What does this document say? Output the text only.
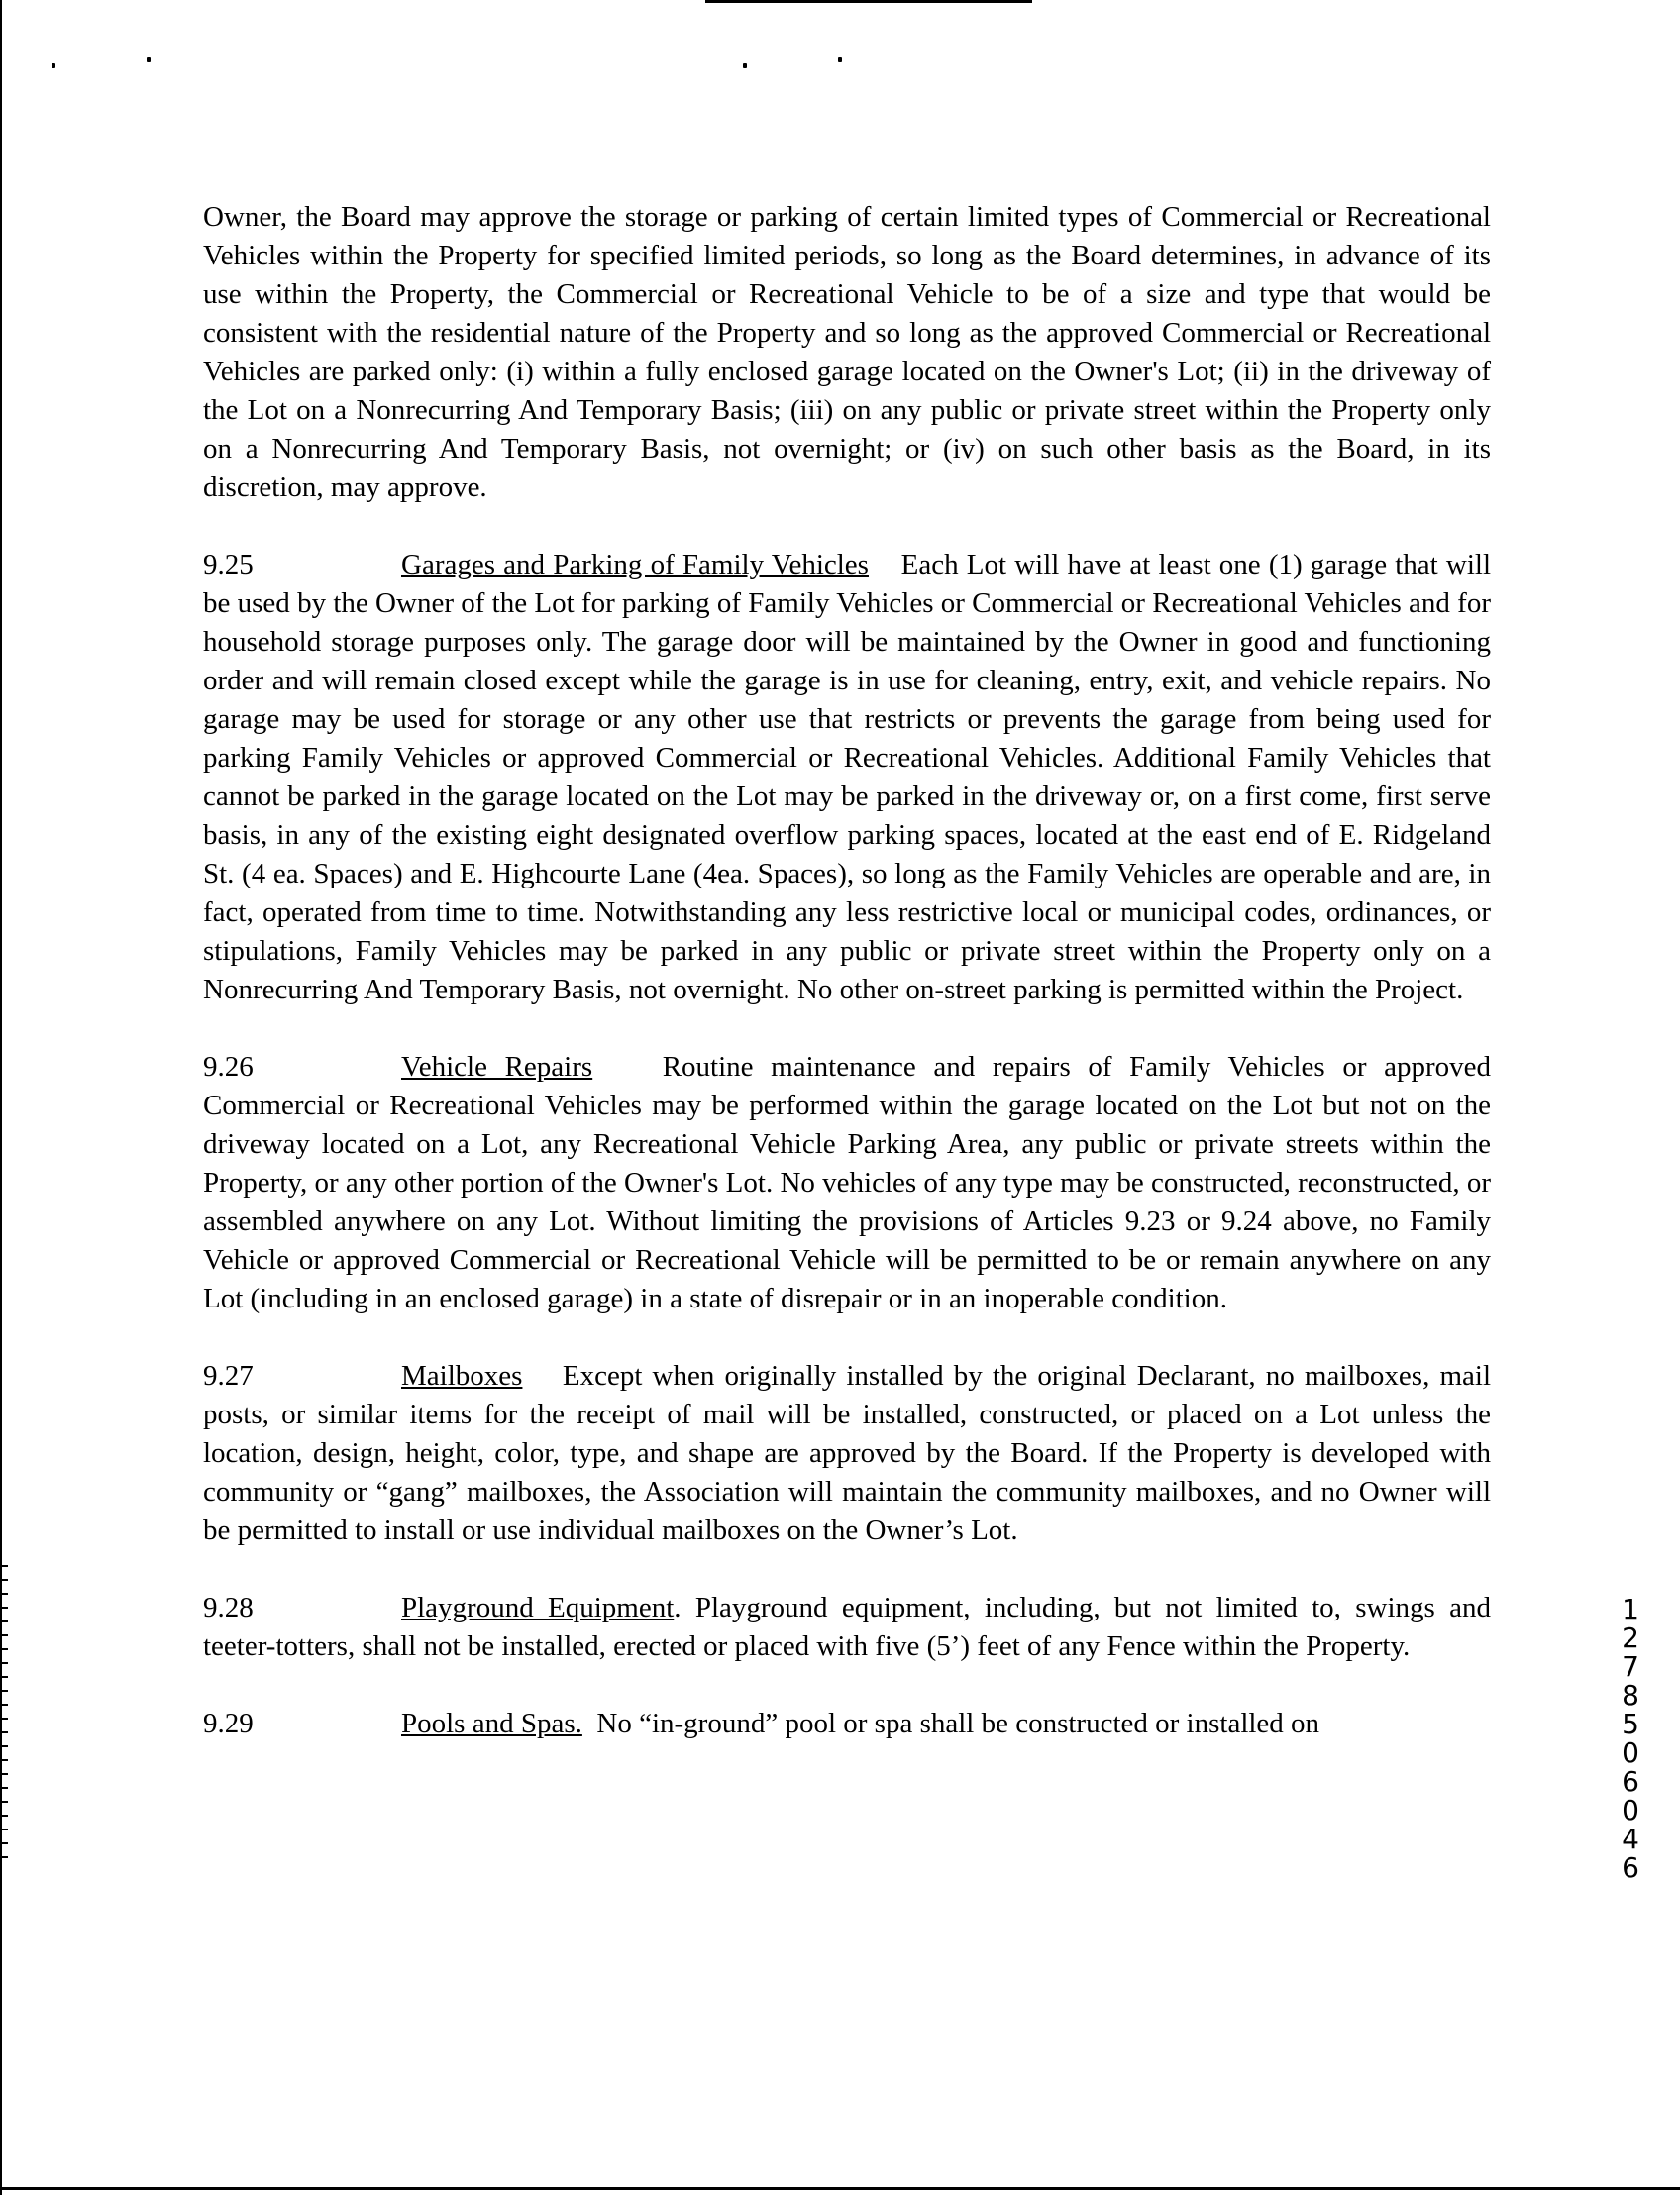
Owner, the Board may approve the storage or parking of certain limited types of Commercial or Recreational Vehicles within the Property for specified limited periods, so long as the Board determines, in advance of its use within the Property, the Commercial or Recreational Vehicle to be of a size and type that would be consistent with the residential nature of the Property and so long as the approved Commercial or Recreational Vehicles are parked only: (i) within a fully enclosed garage located on the Owner's Lot; (ii) in the driveway of the Lot on a Nonrecurring And Temporary Basis; (iii) on any public or private street within the Property only on a Nonrecurring And Temporary Basis, not overnight; or (iv) on such other basis as the Board, in its discretion, may approve.

9.25	Garages and Parking of Family Vehicles Each Lot will have at least one (1) garage that will be used by the Owner of the Lot for parking of Family Vehicles or Commercial or Recreational Vehicles and for household storage purposes only. The garage door will be maintained by the Owner in good and functioning order and will remain closed except while the garage is in use for cleaning, entry, exit, and vehicle repairs. No garage may be used for storage or any other use that restricts or prevents the garage from being used for parking Family Vehicles or approved Commercial or Recreational Vehicles. Additional Family Vehicles that cannot be parked in the garage located on the Lot may be parked in the driveway or, on a first come, first serve basis, in any of the existing eight designated overflow parking spaces, located at the east end of E. Ridgeland St. (4 ea. Spaces) and E. Highcourte Lane (4ea. Spaces), so long as the Family Vehicles are operable and are, in fact, operated from time to time. Notwithstanding any less restrictive local or municipal codes, ordinances, or stipulations, Family Vehicles may be parked in any public or private street within the Property only on a Nonrecurring And Temporary Basis, not overnight. No other on-street parking is permitted within the Project.

9.26	Vehicle Repairs Routine maintenance and repairs of Family Vehicles or approved Commercial or Recreational Vehicles may be performed within the garage located on the Lot but not on the driveway located on a Lot, any Recreational Vehicle Parking Area, any public or private streets within the Property, or any other portion of the Owner's Lot. No vehicles of any type may be constructed, reconstructed, or assembled anywhere on any Lot. Without limiting the provisions of Articles 9.23 or 9.24 above, no Family Vehicle or approved Commercial or Recreational Vehicle will be permitted to be or remain anywhere on any Lot (including in an enclosed garage) in a state of disrepair or in an inoperable condition.

9.27	Mailboxes Except when originally installed by the original Declarant, no mailboxes, mail posts, or similar items for the receipt of mail will be installed, constructed, or placed on a Lot unless the location, design, height, color, type, and shape are approved by the Board. If the Property is developed with community or “gang” mailboxes, the Association will maintain the community mailboxes, and no Owner will be permitted to install or use individual mailboxes on the Owner’s Lot.

9.28	Playground Equipment. Playground equipment, including, but not limited to, swings and teeter-totters, shall not be installed, erected or placed with five (5’) feet of any Fence within the Property.

9.29	Pools and Spas. No “in-ground” pool or spa shall be constructed or installed on

12785 06046
